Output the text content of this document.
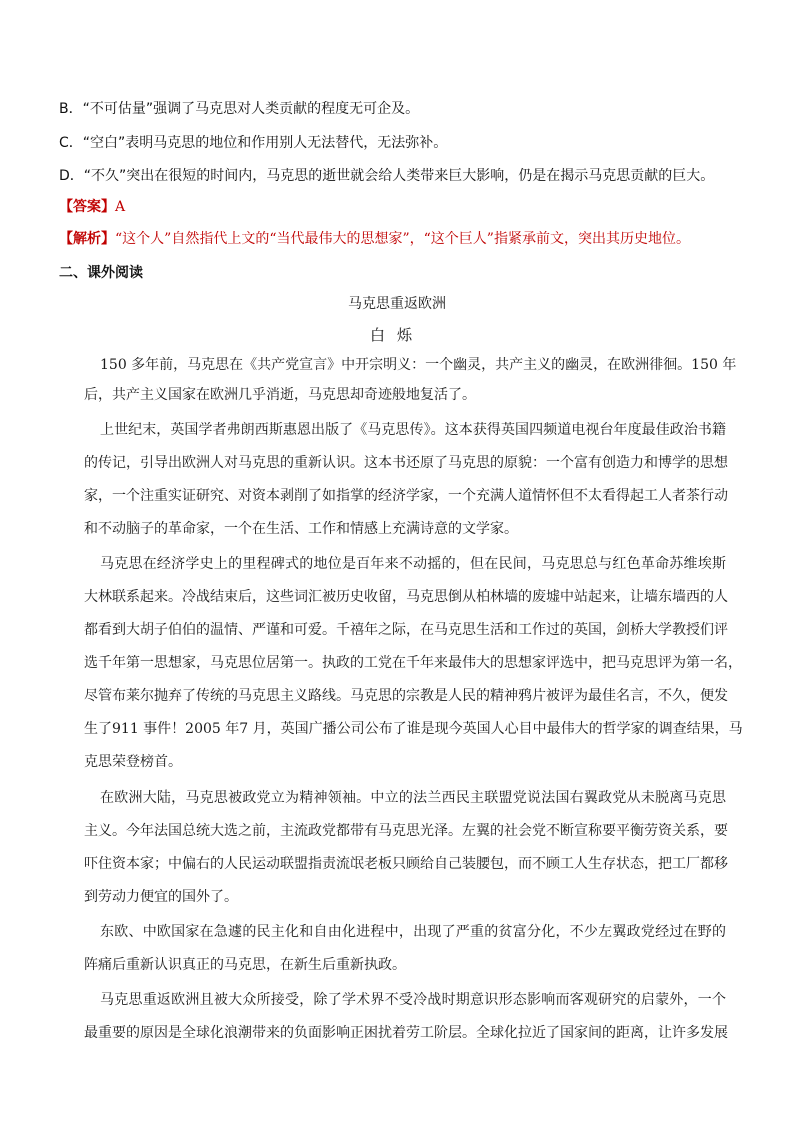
B．“不可估量”强调了马克思对人类贡献的程度无可企及。
C．“空白”表明马克思的地位和作用别人无法替代，无法弥补。
D．“不久”突出在很短的时间内，马克思的逝世就会给人类带来巨大影响，仍是在揭示马克思贡献的巨大。
【答案】A
【解析】“这个人”自然指代上文的“当代最伟大的思想家”，“这个巨人”指紧承前文，突出其历史地位。
二、课外阅读
马克思重返欧洲
白烁
150 多年前，马克思在《共产党宣言》中开宗明义：一个幽灵，共产主义的幽灵，在欧洲徘徊。150 年
后，共产主义国家在欧洲几乎消逝，马克思却奇迹般地复活了。
上世纪末，英国学者弗朗西斯惠恩出版了《马克思传》。这本获得英国四频道电视台年度最佳政治书籍
的传记，引导出欧洲人对马克思的重新认识。这本书还原了马克思的原貌：一个富有创造力和博学的思想
家，一个注重实证研究、对资本剥削了如指掌的经济学家，一个充满人道情怀但不太看得起工人者茶行动
和不动脑子的革命家，一个在生活、工作和情感上充满诗意的文学家。
马克思在经济学史上的里程碑式的地位是百年来不动摇的，但在民间，马克思总与红色革命苏维埃斯
大林联系起来。冷战结束后，这些词汇被历史收留，马克思倒从柏林墙的废墟中站起来，让墙东墙西的人
都看到大胡子伯伯的温情、严谨和可爱。千禧年之际，在马克思生活和工作过的英国，剑桥大学教授们评
选千年第一思想家，马克思位居第一。执政的工党在千年来最伟大的思想家评选中，把马克思评为第一名，
尽管布莱尔抛弃了传统的马克思主义路线。马克思的宗教是人民的精神鸦片被评为最佳名言，不久，便发
生了911 事件！2005 年7 月，英国广播公司公布了谁是现今英国人心目中最伟大的哲学家的调查结果，马
克思荣登榜首。
在欧洲大陆，马克思被政党立为精神领袖。中立的法兰西民主联盟党说法国右翼政党从未脱离马克思
主义。今年法国总统大选之前，主流政党都带有马克思光泽。左翼的社会党不断宣称要平衡劳资关系，要
吓住资本家；中偏右的人民运动联盟指责流氓老板只顾给自己装腰包，而不顾工人生存状态，把工厂都移
到劳动力便宜的国外了。
东欧、中欧国家在急遽的民主化和自由化进程中，出现了严重的贫富分化，不少左翼政党经过在野的
阵痛后重新认识真正的马克思，在新生后重新执政。
马克思重返欧洲且被大众所接受，除了学术界不受冷战时期意识形态影响而客观研究的启蒙外，一个
最重要的原因是全球化浪潮带来的负面影响正困扰着劳工阶层。全球化拉近了国家间的距离，让许多发展
